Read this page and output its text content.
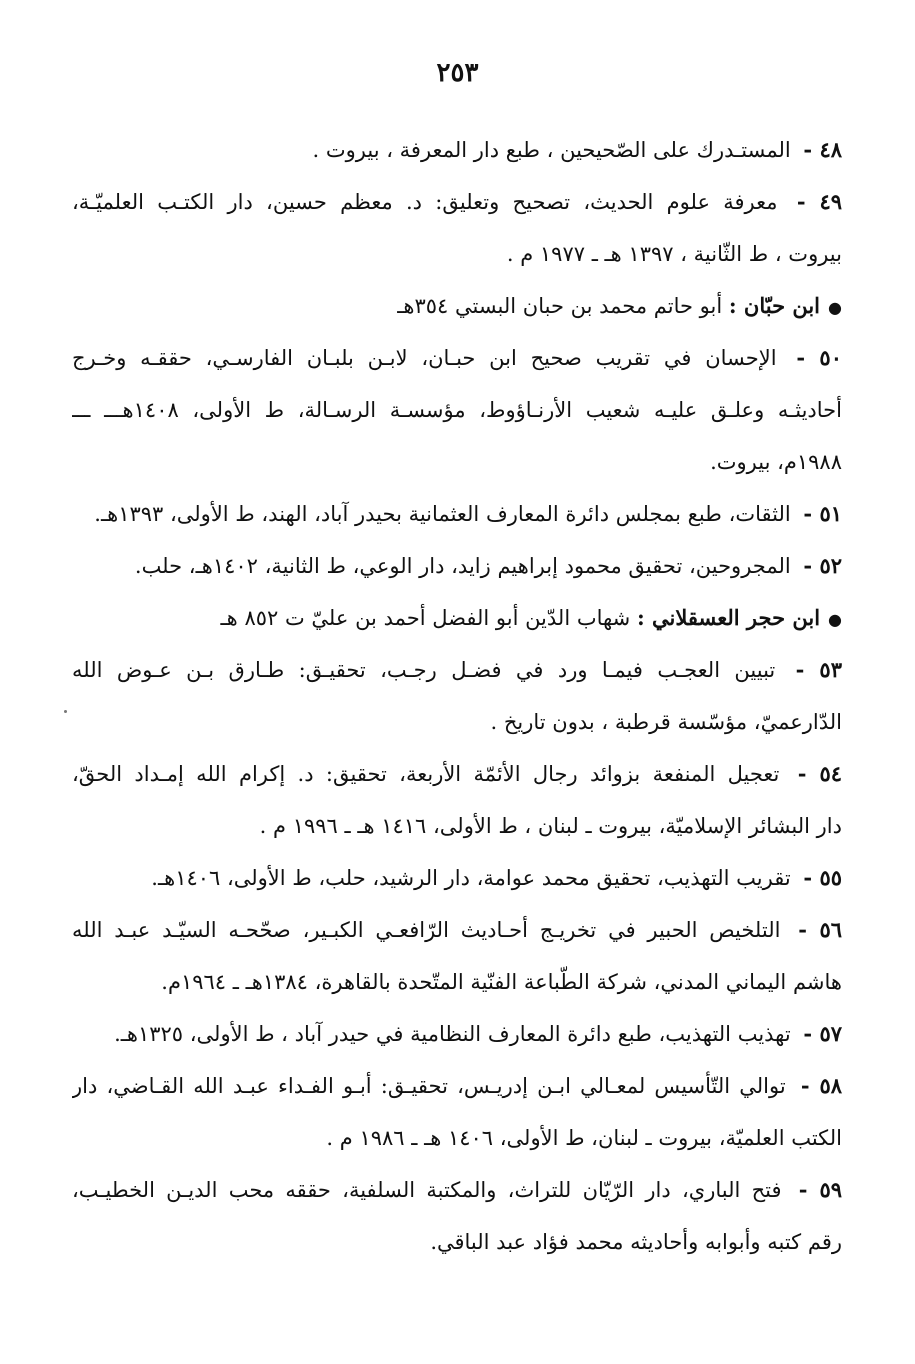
٢٥٣
٤٨ - المستـدرك على الصّحيحين ، طبع دار المعرفة ، بيروت .
٤٩ - معرفة علوم الحديث، تصحيح وتعليق: د. معظم حسين، دار الكتـب العلميّـة،
بيروت ، ط الثّانية ، ١٣٩٧ هـ ـ ١٩٧٧ م .
●ابن حبّان : أبو حاتم محمد بن حبان البستي ٣٥٤هـ
٥٠ - الإحسان في تقريب صحيح ابن حبـان، لابـن بلبـان الفارسـي، حققـه وخـرج
أحاديثـه وعلـق عليـه شعيب الأرنـاؤوط، مؤسسـة الرسـالة، ط الأولى، ١٤٠٨هـــ ـــ
١٩٨٨م، بيروت.
٥١ - الثقات، طبع بمجلس دائرة المعارف العثمانية بحيدر آباد، الهند، ط الأولى، ١٣٩٣هـ.
٥٢ - المجروحين، تحقيق محمود إبراهيم زايد، دار الوعي، ط الثانية، ١٤٠٢هـ، حلب.
●ابن حجر العسقلاني : شهاب الدّين أبو الفضل أحمد بن عليّ ت ٨٥٢ هـ
٥٣ - تبيين العجـب فيمـا ورد في فضـل رجـب، تحقيـق: طـارق بـن عـوض الله
الدّارعميّ، مؤسّسة قرطبة ، بدون تاريخ .
٥٤ - تعجيل المنفعة بزوائد رجال الأئمّة الأربعة، تحقيق: د. إكرام الله إمـداد الحقّ،
دار البشائر الإسلاميّة، بيروت ـ لبنان ، ط الأولى، ١٤١٦ هـ ـ ١٩٩٦ م .
٥٥ - تقريب التهذيب، تحقيق محمد عوامة، دار الرشيد، حلب، ط الأولى، ١٤٠٦هـ.
٥٦ - التلخيص الحبير في تخريـج أحـاديث الرّافعـي الكبـير، صحّحـه السيّـد عبـد الله
هاشم اليماني المدني، شركة الطّباعة الفنّية المتّحدة بالقاهرة، ١٣٨٤هـ ـ ١٩٦٤م.
٥٧ - تهذيب التهذيب، طبع دائرة المعارف النظامية في حيدر آباد ، ط الأولى، ١٣٢٥هـ.
٥٨ - توالي التّأسيس لمعـالي ابـن إدريـس، تحقيـق: أبـو الفـداء عبـد الله القـاضي، دار
الكتب العلميّة، بيروت ـ لبنان، ط الأولى، ١٤٠٦ هـ ـ ١٩٨٦ م .
٥٩ - فتح الباري، دار الرّيّان للتراث، والمكتبة السلفية، حققه محب الديـن الخطيـب،
رقم كتبه وأبوابه وأحاديثه محمد فؤاد عبد الباقي.
